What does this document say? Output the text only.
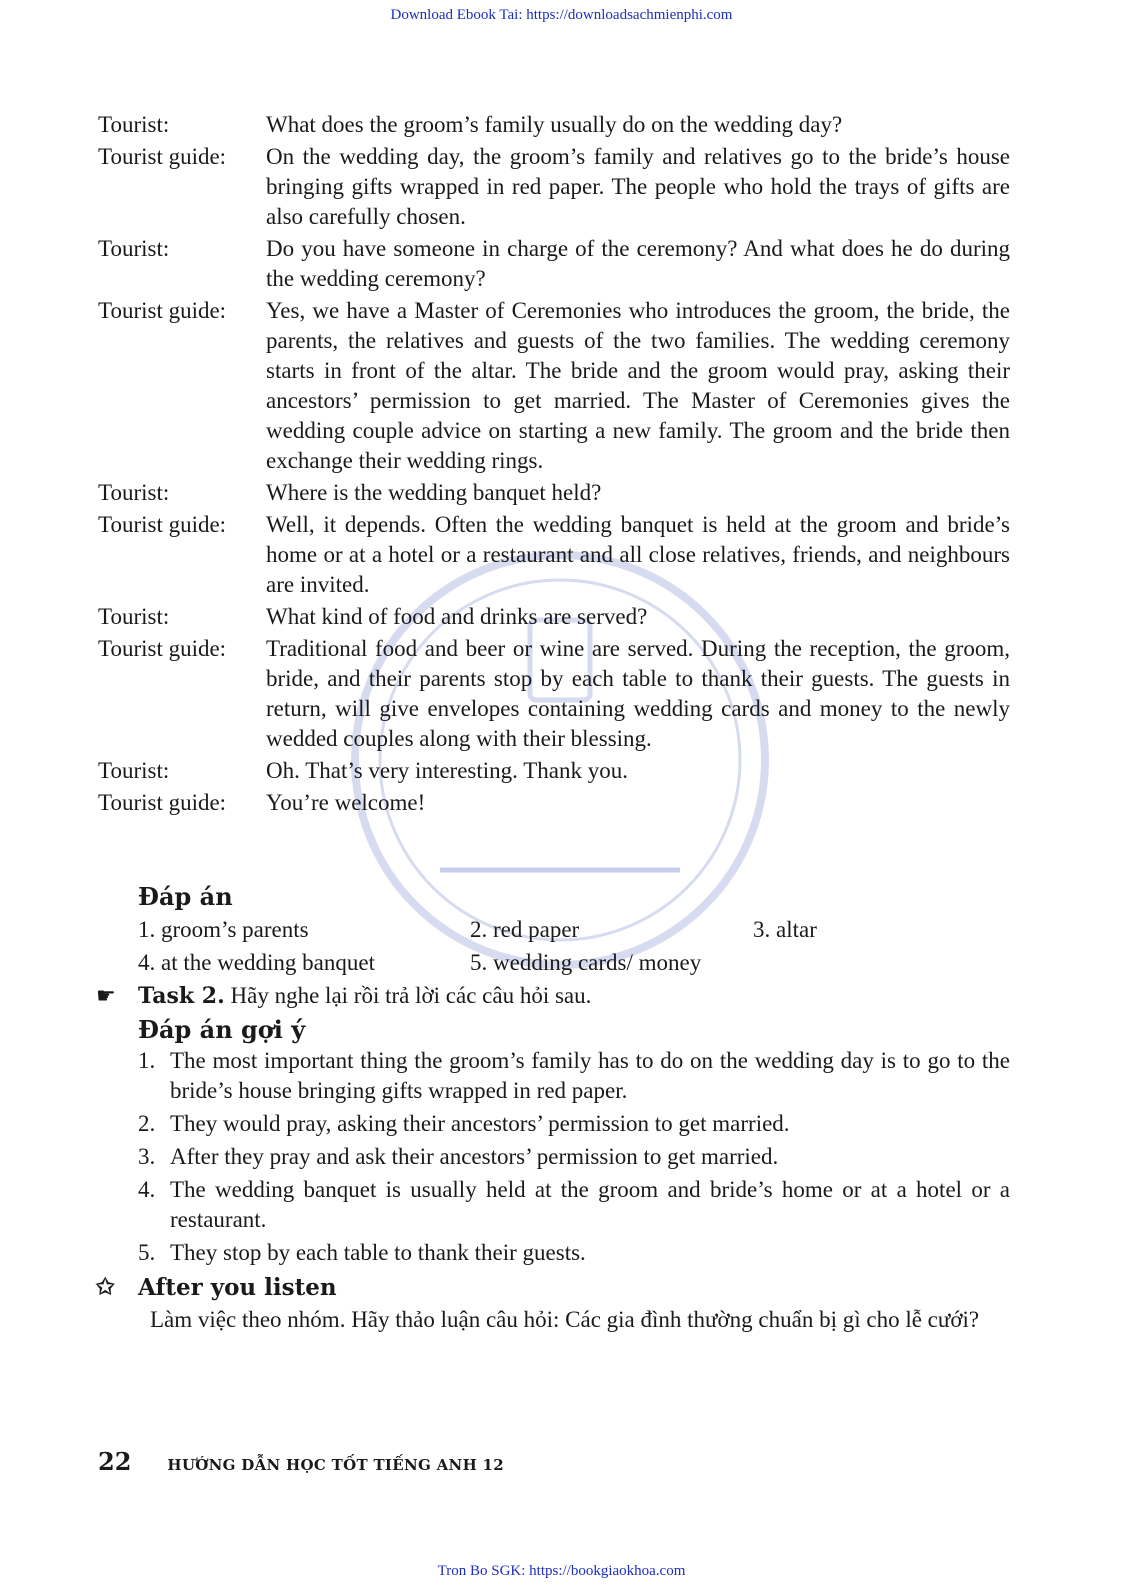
Download Ebook Tai: https://downloadsachmienphi.com
Tourist:	What does the groom’s family usually do on the wedding day?
Tourist guide:	On the wedding day, the groom’s family and relatives go to the bride’s house bringing gifts wrapped in red paper. The people who hold the trays of gifts are also carefully chosen.
Tourist:	Do you have someone in charge of the ceremony? And what does he do during the wedding ceremony?
Tourist guide:	Yes, we have a Master of Ceremonies who introduces the groom, the bride, the parents, the relatives and guests of the two families. The wedding ceremony starts in front of the altar. The bride and the groom would pray, asking their ancestors’ permission to get married. The Master of Ceremonies gives the wedding couple advice on starting a new family. The groom and the bride then exchange their wedding rings.
Tourist:	Where is the wedding banquet held?
Tourist guide:	Well, it depends. Often the wedding banquet is held at the groom and bride’s home or at a hotel or a restaurant and all close relatives, friends, and neighbours are invited.
Tourist:	What kind of food and drinks are served?
Tourist guide:	Traditional food and beer or wine are served. During the reception, the groom, bride, and their parents stop by each table to thank their guests. The guests in return, will give envelopes containing wedding cards and money to the newly wedded couples along with their blessing.
Tourist:	Oh. That’s very interesting. Thank you.
Tourist guide:	You’re welcome!
Đáp án
1. groom’s parents	2. red paper	3. altar
4. at the wedding banquet	5. wedding cards/ money
☛ Task 2. Hãy nghe lại rồi trả lời các câu hỏi sau.
Đáp án gợi ý
1. The most important thing the groom’s family has to do on the wedding day is to go to the bride’s house bringing gifts wrapped in red paper.
2. They would pray, asking their ancestors’ permission to get married.
3. After they pray and ask their ancestors’ permission to get married.
4. The wedding banquet is usually held at the groom and bride’s home or at a hotel or a restaurant.
5. They stop by each table to thank their guests.
✩ After you listen
Làm việc theo nhóm. Hãy thảo luận câu hỏi: Các gia đình thường chuẩn bị gì cho lễ cưới?
22 HƯỚNG DẪN HỌC TỐT TIẾNG ANH 12
Tron Bo SGK: https://bookgiaokhoa.com
